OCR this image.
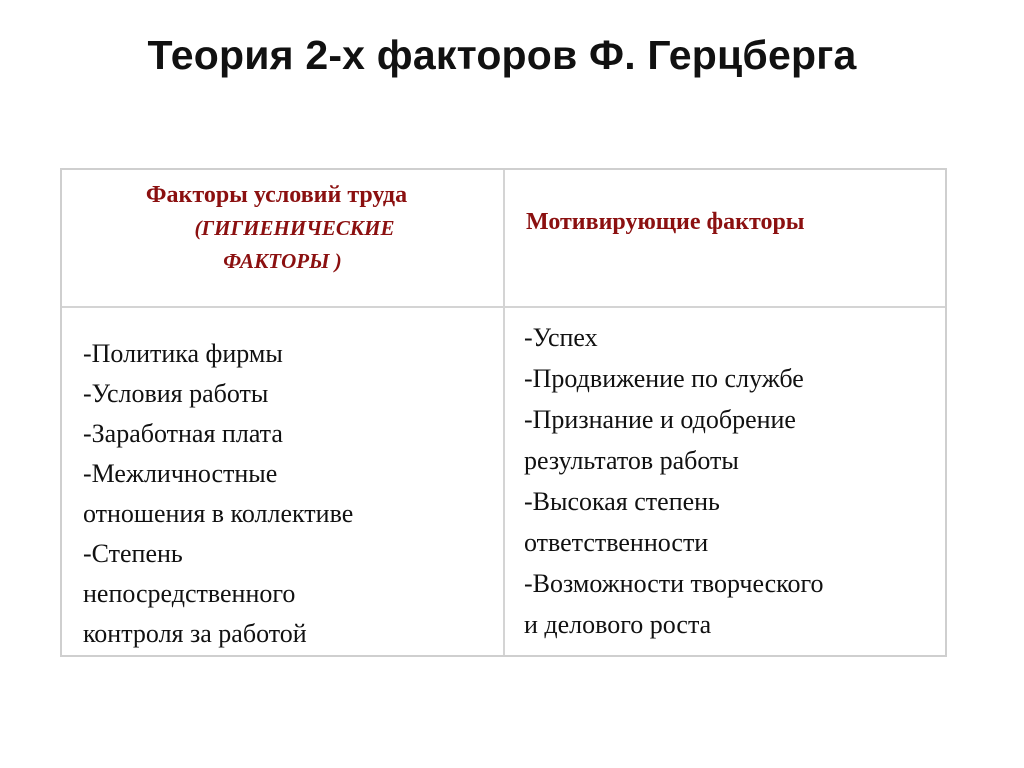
Теория 2-х факторов Ф. Герцберга
Факторы условий труда
(ГИГИЕНИЧЕСКИЕ
ФАКТОРЫ )
Мотивирующие факторы
-Политика фирмы
-Условия работы
-Заработная плата
-Межличностные
отношения в коллективе
-Степень
непосредственного
контроля за работой
-Успех
-Продвижение по службе
-Признание и одобрение
результатов работы
-Высокая степень
ответственности
-Возможности творческого
и делового роста
